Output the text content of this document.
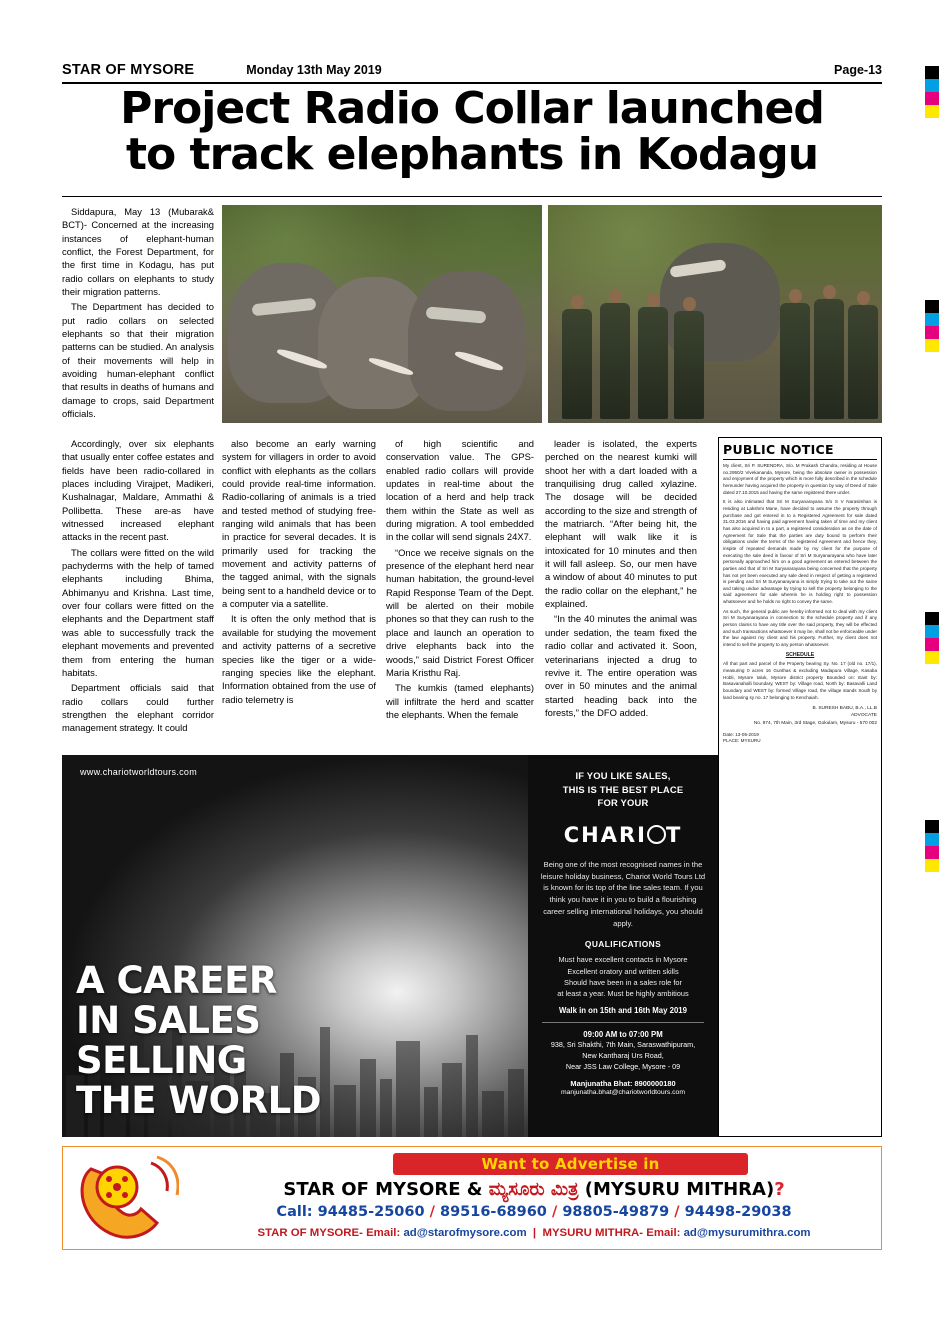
STAR OF MYSORE	Monday 13th May 2019	Page-13
Project Radio Collar launched
to track elephants in Kodagu

Siddapura, May 13 (Mubarak& BCT)- Concerned at the increasing instances of elephant-human conflict, the Forest Department, for the first time in Kodagu, has put radio collars on elephants to study their migration patterns.

The Department has decided to put radio collars on selected elephants so that their migration patterns can be studied. An analysis of their movements will help in avoiding human-elephant conflict that results in deaths of humans and damage to crops, said Department officials.

Accordingly, over six elephants that usually enter coffee estates and fields have been radio-collared in places including Virajpet, Madikeri, Kushalnagar, Maldare, Ammathi & Pollibetta. These are-as have witnessed increased elephant attacks in the recent past.

The collars were fitted on the wild pachyderms with the help of tamed elephants including Bhima, Abhimanyu and Krishna. Last time, over four collars were fitted on the elephants and the Department staff was able to successfully track the elephant movements and prevented them from entering the human habitats.

Department officials said that radio collars could further strengthen the elephant corridor management strategy. It could

also become an early warning system for villagers in order to avoid conflict with elephants as the collars could provide real-time information. Radio-collaring of animals is a tried and tested method of studying free-ranging wild animals that has been in practice for several decades. It is primarily used for tracking the movement and activity patterns of the tagged animal, with the signals being sent to a handheld device or to a computer via a satellite.

It is often the only method that is available for studying the movement and activity patterns of a secretive species like the tiger or a wide-ranging species like the elephant. Information obtained from the use of radio telemetry is

of high scientific and conservation value. The GPS-enabled radio collars will provide updates in real-time about the location of a herd and help track them within the State as well as during migration. A tool embedded in the collar will send signals 24X7.

“Once we receive signals on the presence of the elephant herd near human habitation, the ground-level Rapid Response Team of the Dept. will be alerted on their mobile phones so that they can rush to the place and launch an operation to drive elephants back into the woods,” said District Forest Officer Maria Kristhu Raj.

The kumkis (tamed elephants) will infiltrate the herd and scatter the elephants. When the female

leader is isolated, the experts perched on the nearest kumki will shoot her with a dart loaded with a tranquilising drug called xylazine. The dosage will be decided according to the size and strength of the matriarch. “After being hit, the elephant will walk like it is intoxicated for 10 minutes and then it will fall asleep. So, our men have a window of about 40 minutes to put the radio collar on the elephant,” he explained.

“In the 40 minutes the animal was under sedation, the team fixed the radio collar and activated it. Soon, veterinarians injected a drug to revive it. The entire operation was over in 50 minutes and the animal started heading back into the forests,” the DFO added.

PUBLIC NOTICE

My client, Sri P. SURENDRA, S/o. M Prakash Chandra, residing at House no.2950/2 Vivekananda, Mysore, being the absolute owner in possession and enjoyment of the property which is more fully described in the schedule hereunder having acquired the property in question by way of Deed of Sale dated 27.10.2015 and having the same registered there under.

It is also intimated that Sri M Suryanarayana S/o S V Narasimhan is residing at Lakshmi Mane, have decided to assume the property through purchase and got entered in to a Registered Agreement for sale dated 31.03.2016 and having paid agreement having taken of time and my client has also acquired in to a part, a registered consideration as on the date of Agreement for Sale that the parties are duty bound to perform their obligations under the terms of the registered Agreement and hence they, inspite of repeated demands made by my client for the purpose of executing the sale deed in favour of Sri M Suryanarayana who have later personally approached him on a good agreement as entered between the parties and that of Sri M Suryanarayana being concerned that the property has not yet been executed any sale deed in respect of getting a registered is pending and Sri M Suryanarayana is simply trying to take out the same and taking undue advantage by trying to sell the property belonging to the said agreement for sale wherein he is holding right to possession whatsoever and he holds no right to convey the same.

As such, the general public are hereby informed not to deal with my client Sri M Suryanarayana in connection to the schedule property and if any person claims to have any title over the said property, they will be effected and such transactions whatsoever it may be, shall not be enforceable under the law against my client and his property. Further, my client does not intend to sell the property to any person whatsoever.

SCHEDULE

All that part and parcel of the Property bearing Sy. No. 17 (old no. 17/1), measuring 0 acres 16 Gunthas & excluding Madapura Village, Kasaba Hobli, Mysore taluk, Mysore district property Bounded on: East by: Basavanahalli boundary, WEST by: Village road, North by: Basavalli Land boundary and WEST by: formed Village road, the village stands South by land bearing sy no. 17 belonging to Kenchaiah.

B. SURESH BABU, B.A., LL.B
ADVOCATE
No. 974, 7th Main, 3rd Stage, Gokulam, Mysuru - 570 002
Date: 13-05-2019
PLACE: MYSURU
www.chariotworldtours.com
A CAREER
IN SALES
SELLING
THE WORLD
IF YOU LIKE SALES,
THIS IS THE BEST PLACE
FOR YOUR
CHARI T
Being one of the most recognised names in the leisure holiday business, Chariot World Tours Ltd is known for its top of the line sales team. If you think you have it in you to build a flourishing career selling international holidays, you should apply.
QUALIFICATIONS
Must have excellent contacts in Mysore
Excellent oratory and written skills
Should have been in a sales role for
at least a year. Must be highly ambitious
Walk in on 15th and 16th May 2019
09:00 AM to 07:00 PM
938, Sri Shakthi, 7th Main, Saraswathipuram,
New Kantharaj Urs Road,
Near JSS Law College, Mysore - 09
Manjunatha Bhat: 8900000180
manjunatha.bhat@chariotworldtours.com
Want to Advertise in
STAR OF MYSORE & ಮ್ಯಸೂರು ಮಿತ್ರ (MYSURU MITHRA)?
Call: 94485-25060 / 89516-68960 / 98805-49879 / 94498-29038
STAR OF MYSORE- Email: ad@starofmysore.com  |  MYSURU MITHRA- Email: ad@mysurumithra.com
